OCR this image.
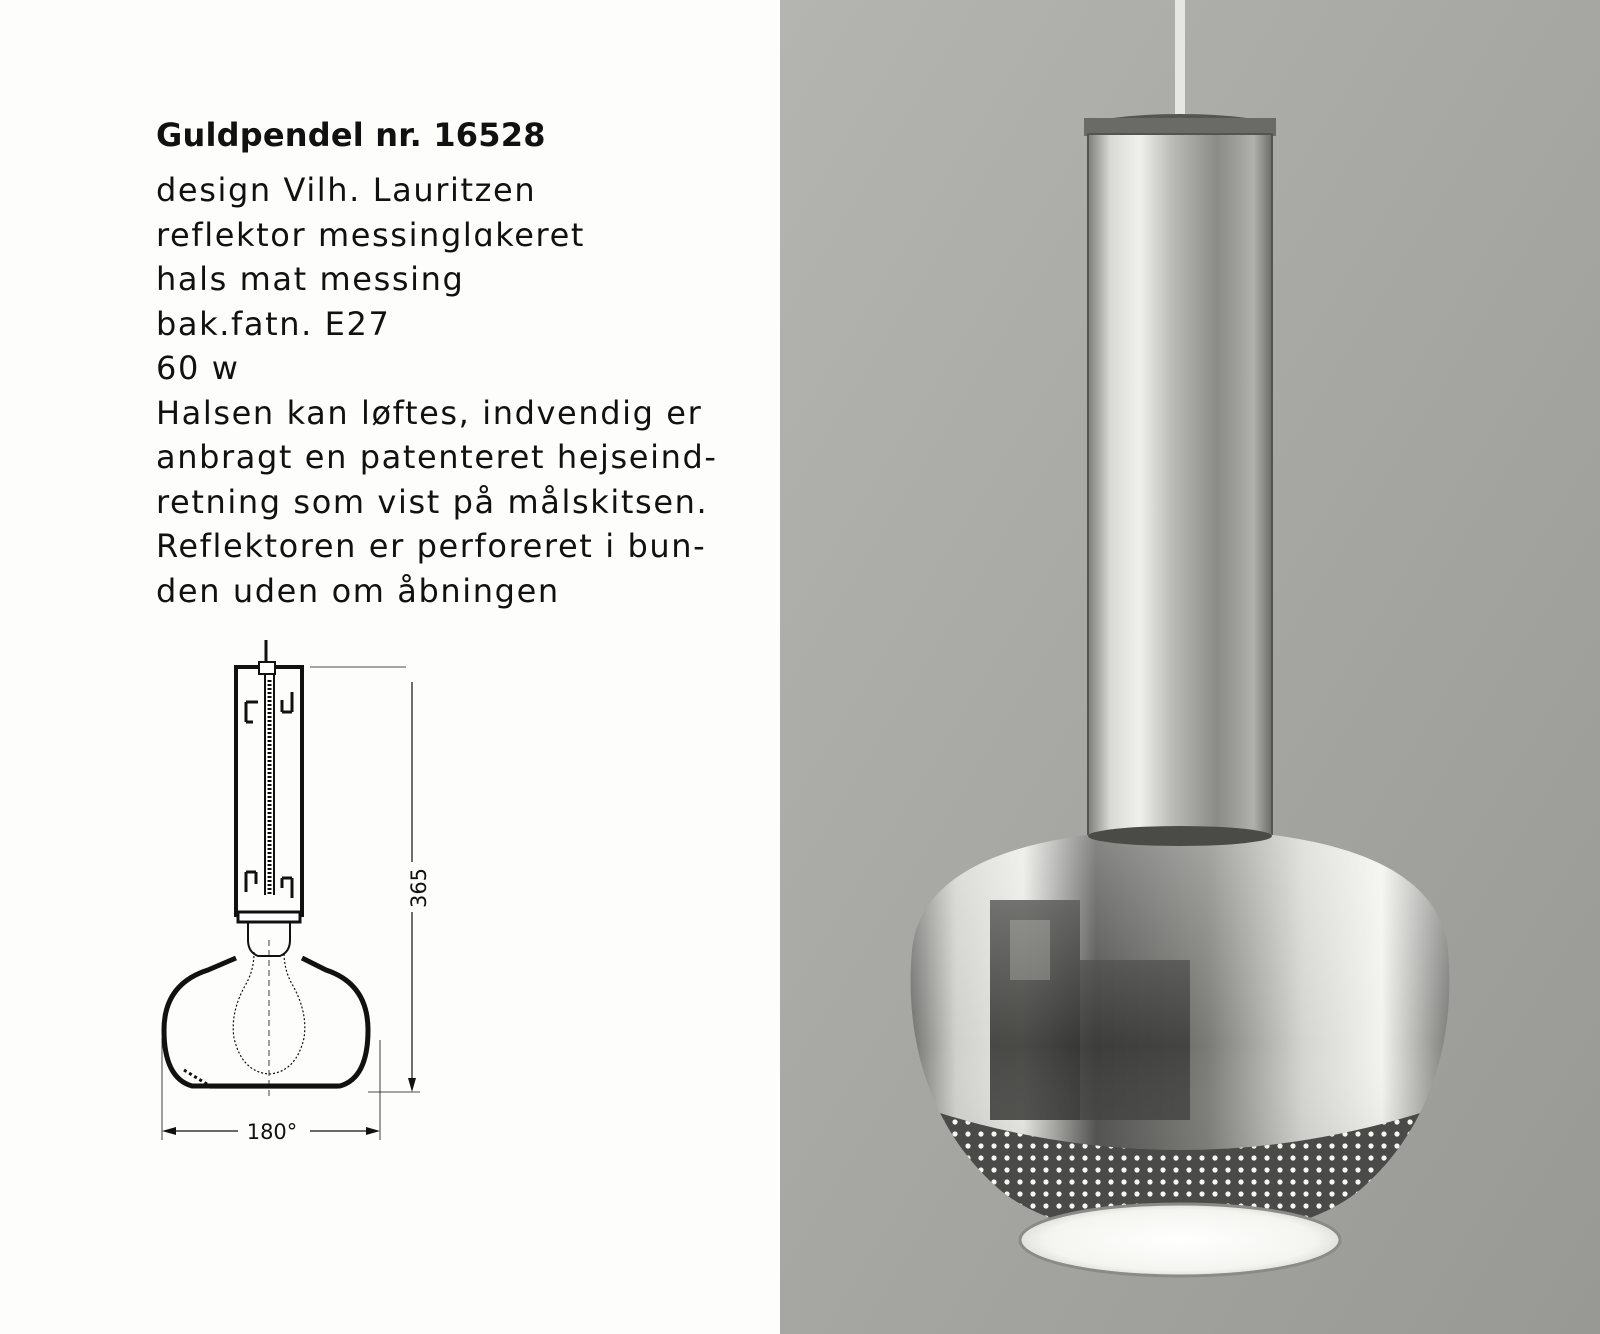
Guldpendel nr. 16528
design Vilh. Lauritzen
reflektor messinglɑkeret
hals mat messing
bak.fatn. E27
60 w
Halsen kan løftes, indvendig er
anbragt en patenteret hejseind-
retning som vist på målskitsen.
Reflektoren er perforeret i bun-
den uden om åbningen
365
180°
